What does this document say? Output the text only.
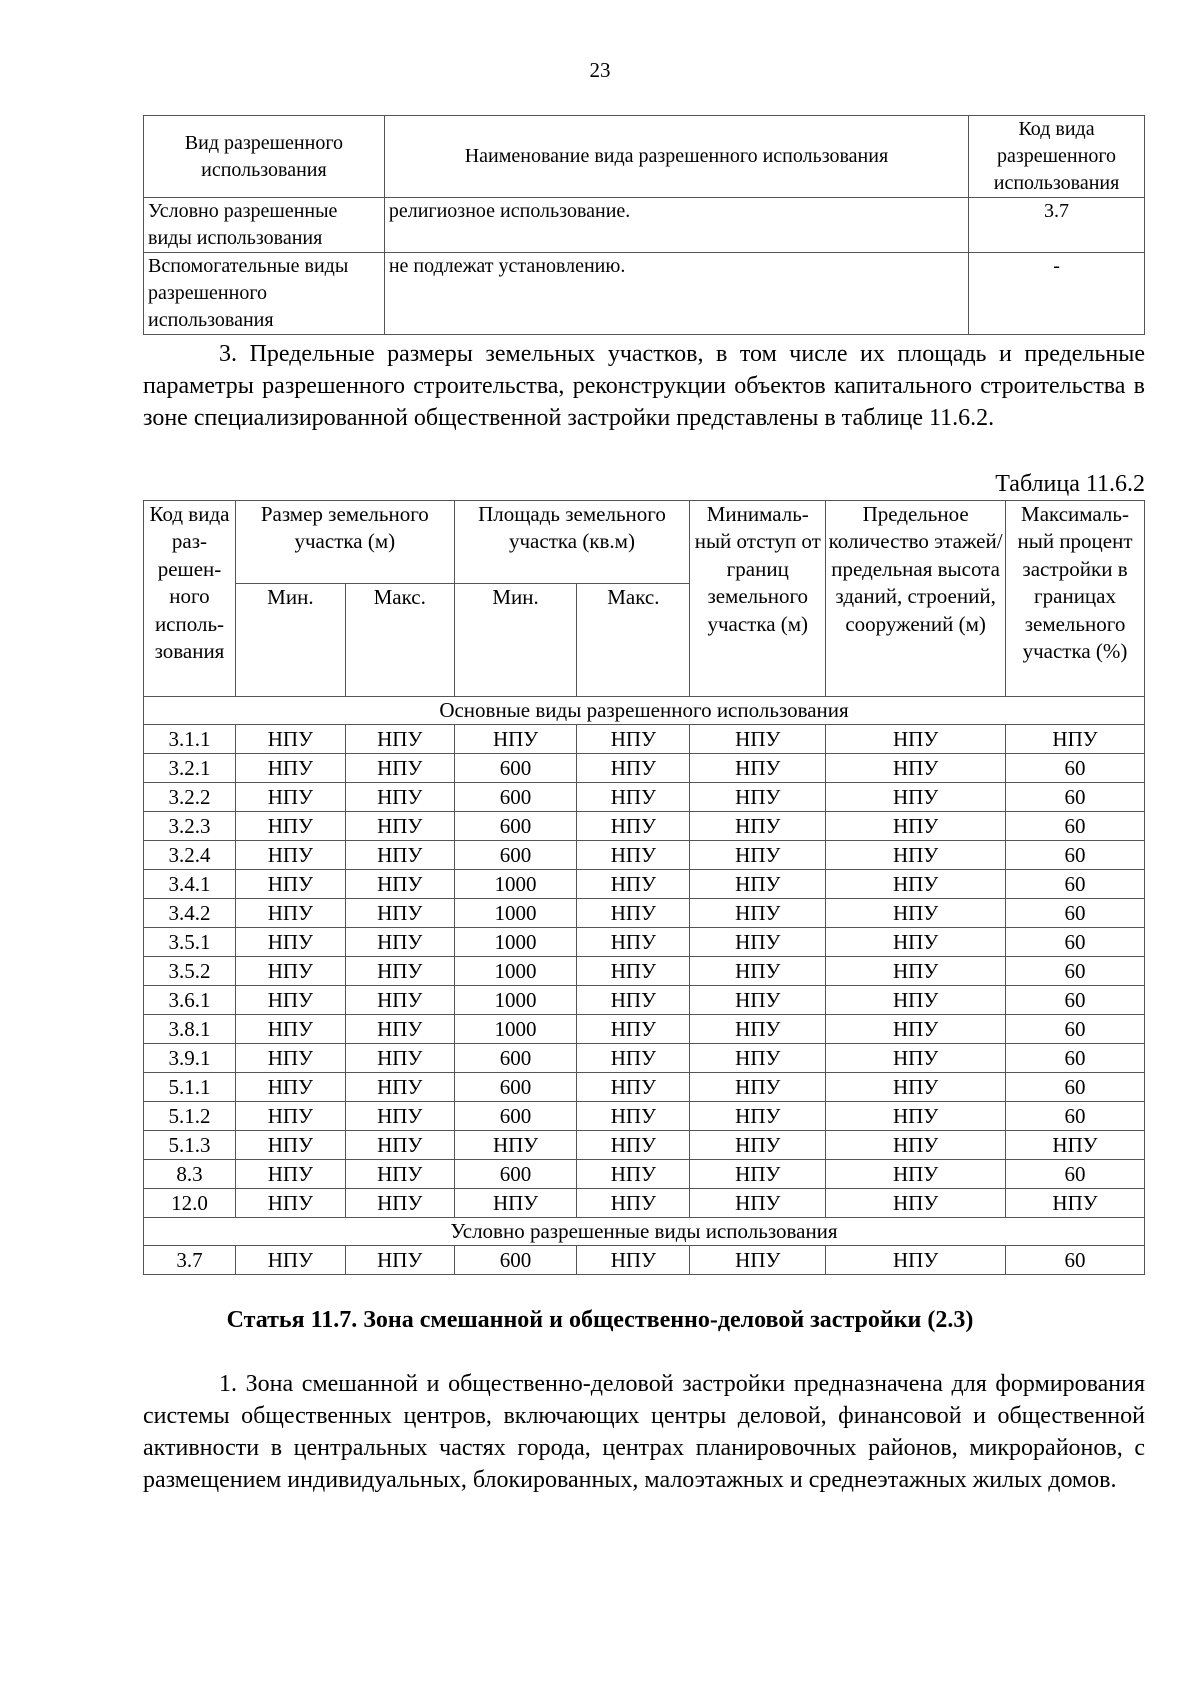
23
Вид разрешенного использования	Наименование вида разрешенного использования	Код вида разрешенного использования
Условно разрешенные виды использования	религиозное использование.	3.7
Вспомогательные виды разрешенного использования	не подлежат установлению.	-
3. Предельные размеры земельных участков, в том числе их площадь и предельные параметры разрешенного строительства, реконструкции объектов капитального строительства в зоне специализированной общественной застройки представлены в таблице 11.6.2.
Таблица 11.6.2
Код вида раз-решен-ного исполь-зования	Размер земельного участка (м)		Площадь земельного участка (кв.м)		Минималь-ный отступ от границ земельного участка (м)	Предельное количество этажей/ предельная высота зданий, строений, сооружений (м)	Максималь-ный процент застройки в границах земельного участка (%)
	Мин.	Макс.	Мин.	Макс.			
Основные виды разрешенного использования							
3.1.1	НПУ	НПУ	НПУ	НПУ	НПУ	НПУ	НПУ
3.2.1	НПУ	НПУ	600	НПУ	НПУ	НПУ	60
3.2.2	НПУ	НПУ	600	НПУ	НПУ	НПУ	60
3.2.3	НПУ	НПУ	600	НПУ	НПУ	НПУ	60
3.2.4	НПУ	НПУ	600	НПУ	НПУ	НПУ	60
3.4.1	НПУ	НПУ	1000	НПУ	НПУ	НПУ	60
3.4.2	НПУ	НПУ	1000	НПУ	НПУ	НПУ	60
3.5.1	НПУ	НПУ	1000	НПУ	НПУ	НПУ	60
3.5.2	НПУ	НПУ	1000	НПУ	НПУ	НПУ	60
3.6.1	НПУ	НПУ	1000	НПУ	НПУ	НПУ	60
3.8.1	НПУ	НПУ	1000	НПУ	НПУ	НПУ	60
3.9.1	НПУ	НПУ	600	НПУ	НПУ	НПУ	60
5.1.1	НПУ	НПУ	600	НПУ	НПУ	НПУ	60
5.1.2	НПУ	НПУ	600	НПУ	НПУ	НПУ	60
5.1.3	НПУ	НПУ	НПУ	НПУ	НПУ	НПУ	НПУ
8.3	НПУ	НПУ	600	НПУ	НПУ	НПУ	60
12.0	НПУ	НПУ	НПУ	НПУ	НПУ	НПУ	НПУ
Условно разрешенные виды использования							
3.7	НПУ	НПУ	600	НПУ	НПУ	НПУ	60
Статья 11.7. Зона смешанной и общественно-деловой застройки (2.3)
1. Зона смешанной и общественно-деловой застройки предназначена для формирования системы общественных центров, включающих центры деловой, финансовой и общественной активности в центральных частях города, центрах планировочных районов, микрорайонов, с размещением индивидуальных, блокированных, малоэтажных и среднеэтажных жилых домов.
